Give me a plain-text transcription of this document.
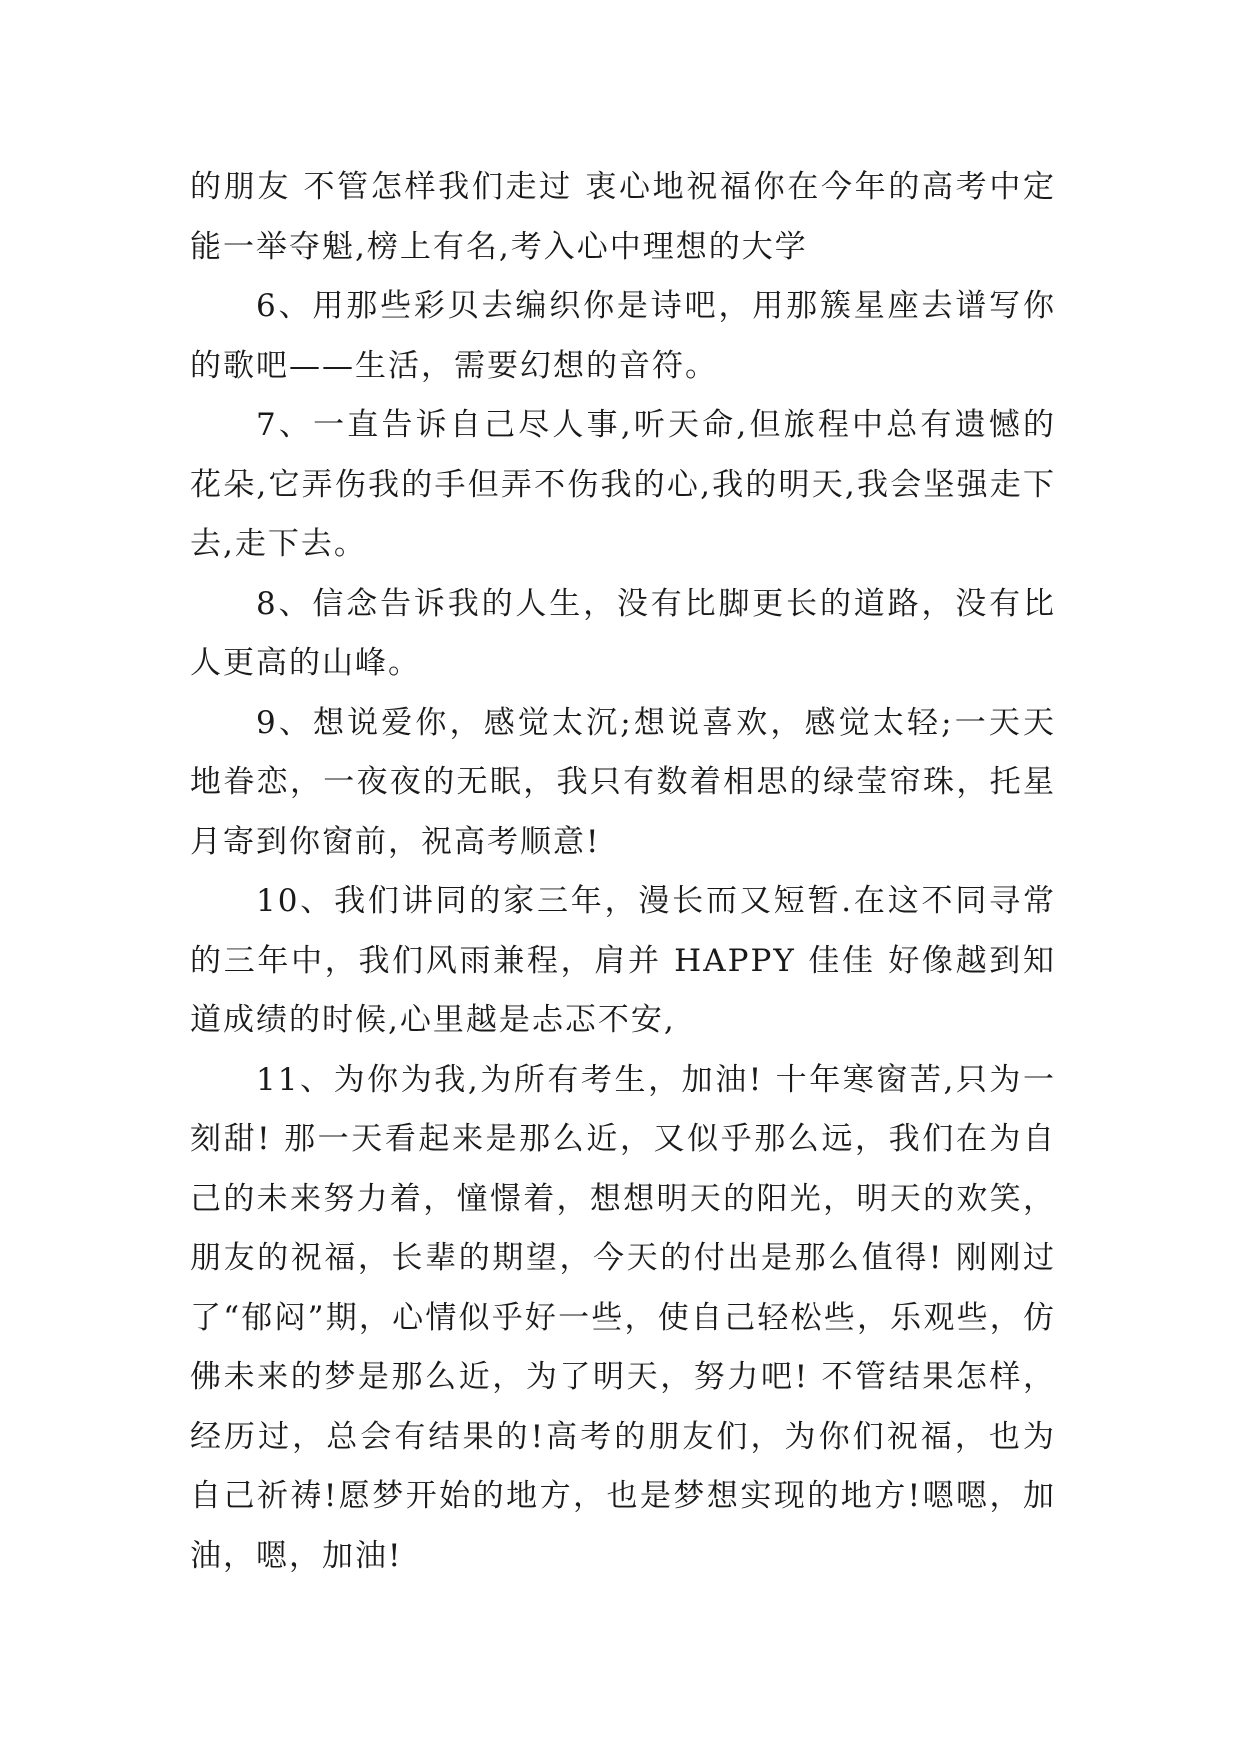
的朋友 不管怎样我们走过 衷心地祝福你在今年的高考中定能一举夺魁,榜上有名,考入心中理想的大学

6、用那些彩贝去编织你是诗吧，用那簇星座去谱写你的歌吧——生活，需要幻想的音符。

7、一直告诉自己尽人事,听天命,但旅程中总有遗憾的花朵,它弄伤我的手但弄不伤我的心,我的明天,我会坚强走下去,走下去。

8、信念告诉我的人生，没有比脚更长的道路，没有比人更高的山峰。

9、想说爱你，感觉太沉;想说喜欢，感觉太轻;一天天地眷恋，一夜夜的无眠，我只有数着相思的绿莹帘珠，托星月寄到你窗前，祝高考顺意!

10、我们讲同的家三年，漫长而又短暂.在这不同寻常的三年中，我们风雨兼程，肩并 HAPPY 佳佳 好像越到知道成绩的时候,心里越是忐忑不安,

11、为你为我,为所有考生，加油! 十年寒窗苦,只为一刻甜! 那一天看起来是那么近，又似乎那么远，我们在为自己的未来努力着，憧憬着，想想明天的阳光，明天的欢笑，朋友的祝福，长辈的期望，今天的付出是那么值得! 刚刚过了“郁闷”期，心情似乎好一些，使自己轻松些，乐观些，仿佛未来的梦是那么近，为了明天，努力吧! 不管结果怎样，经历过，总会有结果的!高考的朋友们，为你们祝福，也为自己祈祷!愿梦开始的地方，也是梦想实现的地方!嗯嗯，加油，嗯，加油!
